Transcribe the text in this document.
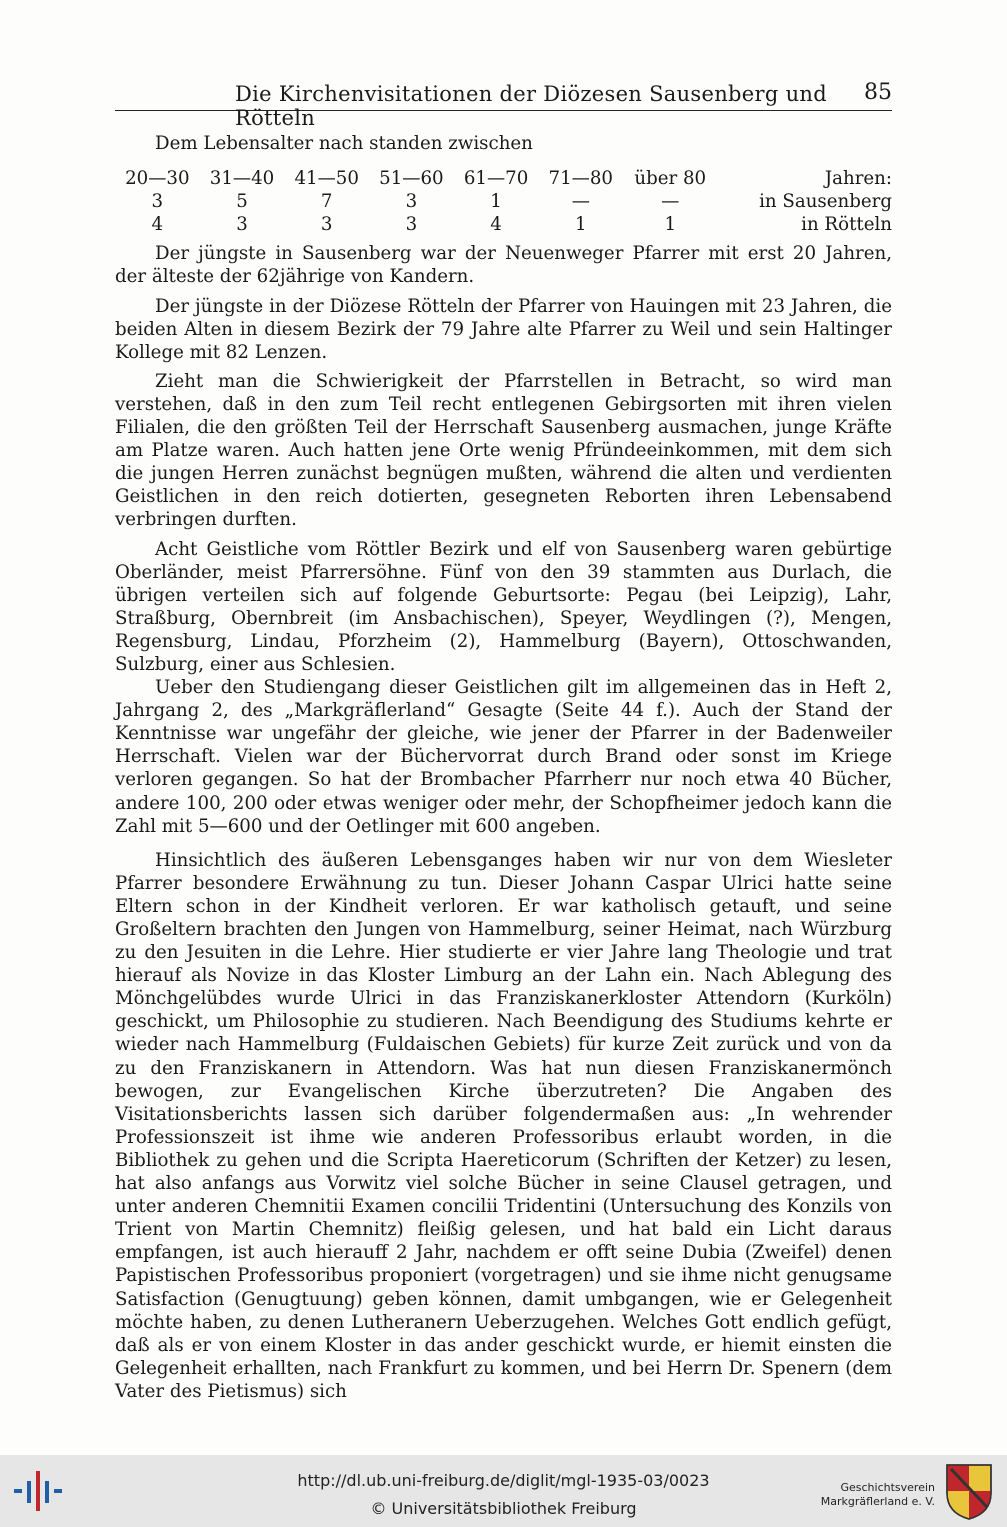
Die Kirchenvisitationen der Diözesen Sausenberg und Rötteln
85
Dem Lebensalter nach standen zwischen
20—30	31—40	41—50	51—60	61—70	71—80	über 80	Jahren:
3	5	7	3	1	—	—	in Sausenberg
4	3	3	3	4	1	1	in Rötteln

Der jüngste in Sausenberg war der Neuenweger Pfarrer mit erst 20 Jahren, der älteste der 62jährige von Kandern.

Der jüngste in der Diözese Rötteln der Pfarrer von Hauingen mit 23 Jahren, die beiden Alten in diesem Bezirk der 79 Jahre alte Pfarrer zu Weil und sein Haltinger Kollege mit 82 Lenzen.

Zieht man die Schwierigkeit der Pfarrstellen in Betracht, so wird man verstehen, daß in den zum Teil recht entlegenen Gebirgsorten mit ihren vielen Filialen, die den größten Teil der Herrschaft Sausenberg ausmachen, junge Kräfte am Platze waren. Auch hatten jene Orte wenig Pfründeeinkommen, mit dem sich die jungen Herren zunächst begnügen mußten, während die alten und verdienten Geistlichen in den reich dotierten, gesegneten Reborten ihren Lebensabend verbringen durften.

Acht Geistliche vom Röttler Bezirk und elf von Sausenberg waren gebürtige Oberländer, meist Pfarrersöhne. Fünf von den 39 stammten aus Durlach, die übrigen verteilen sich auf folgende Geburtsorte: Pegau (bei Leipzig), Lahr, Straßburg, Obernbreit (im Ansbachischen), Speyer, Weydlingen (?), Mengen, Regensburg, Lindau, Pforzheim (2), Hammelburg (Bayern), Ottoschwanden, Sulzburg, einer aus Schlesien.

Ueber den Studiengang dieser Geistlichen gilt im allgemeinen das in Heft 2, Jahrgang 2, des „Markgräflerland“ Gesagte (Seite 44 f.). Auch der Stand der Kenntnisse war ungefähr der gleiche, wie jener der Pfarrer in der Badenweiler Herrschaft. Vielen war der Büchervorrat durch Brand oder sonst im Kriege verloren gegangen. So hat der Brombacher Pfarrherr nur noch etwa 40 Bücher, andere 100, 200 oder etwas weniger oder mehr, der Schopfheimer jedoch kann die Zahl mit 5—600 und der Oetlinger mit 600 angeben.

Hinsichtlich des äußeren Lebensganges haben wir nur von dem Wiesleter Pfarrer besondere Erwähnung zu tun. Dieser Johann Caspar Ulrici hatte seine Eltern schon in der Kindheit verloren. Er war katholisch getauft, und seine Großeltern brachten den Jungen von Hammelburg, seiner Heimat, nach Würzburg zu den Jesuiten in die Lehre. Hier studierte er vier Jahre lang Theologie und trat hierauf als Novize in das Kloster Limburg an der Lahn ein. Nach Ablegung des Mönchgelübdes wurde Ulrici in das Franziskanerkloster Attendorn (Kurköln) geschickt, um Philosophie zu studieren. Nach Beendigung des Studiums kehrte er wieder nach Hammelburg (Fuldaischen Gebiets) für kurze Zeit zurück und von da zu den Franziskanern in Attendorn. Was hat nun diesen Franziskanermönch bewogen, zur Evangelischen Kirche überzutreten? Die Angaben des Visitationsberichts lassen sich darüber folgendermaßen aus: „In wehrender Professionszeit ist ihme wie anderen Professoribus erlaubt worden, in die Bibliothek zu gehen und die Scripta Haereticorum (Schriften der Ketzer) zu lesen, hat also anfangs aus Vorwitz viel solche Bücher in seine Clausel getragen, und unter anderen Chemnitii Examen concilii Tridentini (Untersuchung des Konzils von Trient von Martin Chemnitz) fleißig gelesen, und hat bald ein Licht daraus empfangen, ist auch hierauff 2 Jahr, nachdem er offt seine Dubia (Zweifel) denen Papistischen Professoribus proponiert (vorgetragen) und sie ihme nicht genugsame Satisfaction (Genugtuung) geben können, damit umbgangen, wie er Gelegenheit möchte haben, zu denen Lutheranern Ueberzugehen. Welches Gott endlich gefügt, daß als er von einem Kloster in das ander geschickt wurde, er hiemit einsten die Gelegenheit erhallten, nach Frankfurt zu kommen, und bei Herrn Dr. Spenern (dem Vater des Pietismus) sich

http://dl.ub.uni-freiburg.de/diglit/mgl-1935-03/0023
© Universitätsbibliothek Freiburg
Geschichtsverein
Markgräflerland e. V.
